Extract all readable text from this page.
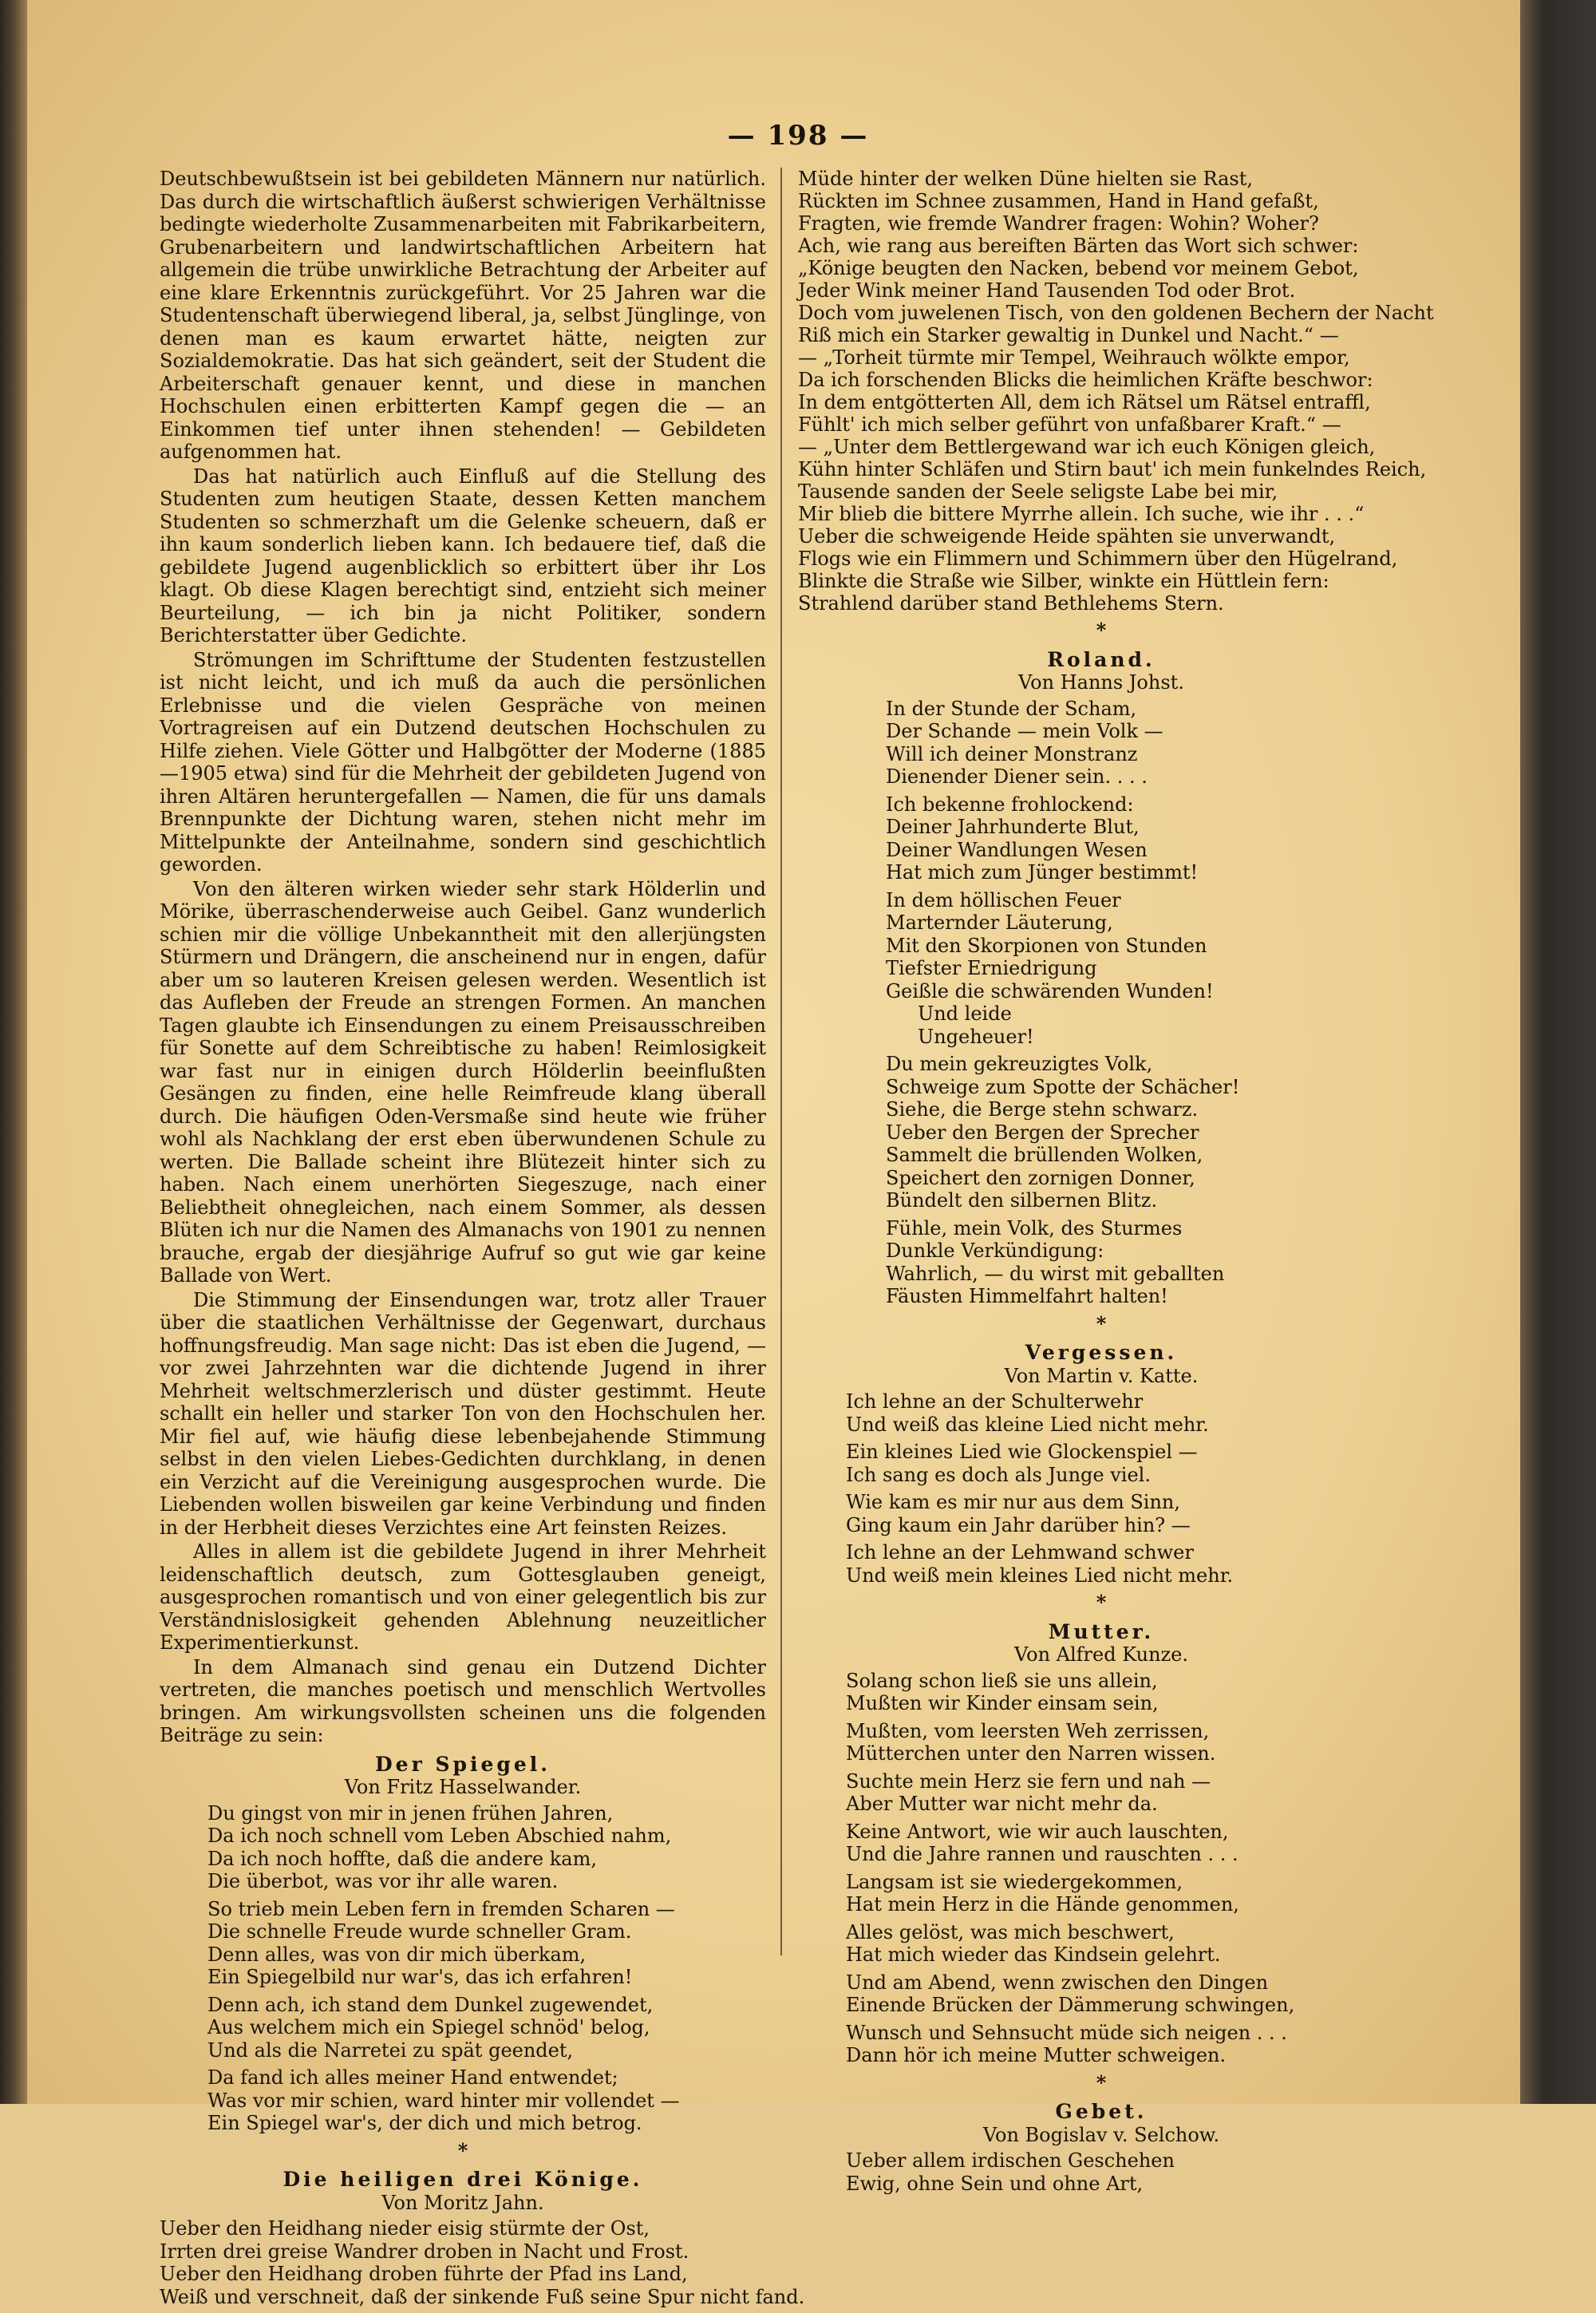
— 198 —

Deutschbewußtsein ist bei gebildeten Männern nur natürlich. Das durch die wirtschaftlich äußerst schwierigen Verhältnisse bedingte wiederholte Zusammenarbeiten mit Fabrikarbeitern, Grubenarbeitern und landwirtschaftlichen Arbeitern hat allgemein die trübe unwirkliche Betrachtung der Arbeiter auf eine klare Erkenntnis zurückgeführt. Vor 25 Jahren war die Studentenschaft überwiegend liberal, ja, selbst Jünglinge, von denen man es kaum erwartet hätte, neigten zur Sozialdemokratie. Das hat sich geändert, seit der Student die Arbeiterschaft genauer kennt, und diese in manchen Hochschulen einen erbitterten Kampf gegen die — an Einkommen tief unter ihnen stehenden! — Gebildeten aufgenommen hat.

Das hat natürlich auch Einfluß auf die Stellung des Studenten zum heutigen Staate, dessen Ketten manchem Studenten so schmerzhaft um die Gelenke scheuern, daß er ihn kaum sonderlich lieben kann. Ich bedauere tief, daß die gebildete Jugend augenblicklich so erbittert über ihr Los klagt. Ob diese Klagen berechtigt sind, entzieht sich meiner Beurteilung, — ich bin ja nicht Politiker, sondern Berichterstatter über Gedichte.

Strömungen im Schrifttume der Studenten festzustellen ist nicht leicht, und ich muß da auch die persönlichen Erlebnisse und die vielen Gespräche von meinen Vortragreisen auf ein Dutzend deutschen Hochschulen zu Hilfe ziehen. Viele Götter und Halbgötter der Moderne (1885—1905 etwa) sind für die Mehrheit der gebildeten Jugend von ihren Altären heruntergefallen — Namen, die für uns damals Brennpunkte der Dichtung waren, stehen nicht mehr im Mittelpunkte der Anteilnahme, sondern sind geschichtlich geworden.

Von den älteren wirken wieder sehr stark Hölderlin und Mörike, überraschenderweise auch Geibel. Ganz wunderlich schien mir die völlige Unbekanntheit mit den allerjüngsten Stürmern und Drängern, die anscheinend nur in engen, dafür aber um so lauteren Kreisen gelesen werden. Wesentlich ist das Aufleben der Freude an strengen Formen. An manchen Tagen glaubte ich Einsendungen zu einem Preisausschreiben für Sonette auf dem Schreibtische zu haben! Reimlosigkeit war fast nur in einigen durch Hölderlin beeinflußten Gesängen zu finden, eine helle Reimfreude klang überall durch. Die häufigen Oden-Versmaße sind heute wie früher wohl als Nachklang der erst eben überwundenen Schule zu werten. Die Ballade scheint ihre Blütezeit hinter sich zu haben. Nach einem unerhörten Siegeszuge, nach einer Beliebtheit ohnegleichen, nach einem Sommer, als dessen Blüten ich nur die Namen des Almanachs von 1901 zu nennen brauche, ergab der diesjährige Aufruf so gut wie gar keine Ballade von Wert.

Die Stimmung der Einsendungen war, trotz aller Trauer über die staatlichen Verhältnisse der Gegenwart, durchaus hoffnungsfreudig. Man sage nicht: Das ist eben die Jugend, — vor zwei Jahrzehnten war die dichtende Jugend in ihrer Mehrheit weltschmerzlerisch und düster gestimmt. Heute schallt ein heller und starker Ton von den Hochschulen her. Mir fiel auf, wie häufig diese lebenbejahende Stimmung selbst in den vielen Liebes-Gedichten durchklang, in denen ein Verzicht auf die Vereinigung ausgesprochen wurde. Die Liebenden wollen bisweilen gar keine Verbindung und finden in der Herbheit dieses Verzichtes eine Art feinsten Reizes.

Alles in allem ist die gebildete Jugend in ihrer Mehrheit leidenschaftlich deutsch, zum Gottesglauben geneigt, ausgesprochen romantisch und von einer gelegentlich bis zur Verständnislosigkeit gehenden Ablehnung neuzeitlicher Experimentierkunst.

In dem Almanach sind genau ein Dutzend Dichter vertreten, die manches poetisch und menschlich Wertvolles bringen. Am wirkungsvollsten scheinen uns die folgenden Beiträge zu sein:

Der Spiegel.

Von Fritz Hasselwander.

Du gingst von mir in jenen frühen Jahren,
Da ich noch schnell vom Leben Abschied nahm,
Da ich noch hoffte, daß die andere kam,
Die überbot, was vor ihr alle waren.
So trieb mein Leben fern in fremden Scharen —
Die schnelle Freude wurde schneller Gram.
Denn alles, was von dir mich überkam,
Ein Spiegelbild nur war's, das ich erfahren!
Denn ach, ich stand dem Dunkel zugewendet,
Aus welchem mich ein Spiegel schnöd' belog,
Und als die Narretei zu spät geendet,
Da fand ich alles meiner Hand entwendet;
Was vor mir schien, ward hinter mir vollendet —
Ein Spiegel war's, der dich und mich betrog.

*

Die heiligen drei Könige.

Von Moritz Jahn.

Ueber den Heidhang nieder eisig stürmte der Ost,
Irrten drei greise Wandrer droben in Nacht und Frost.
Ueber den Heidhang droben führte der Pfad ins Land,
Weiß und verschneit, daß der sinkende Fuß seine Spur nicht fand.
Müde hinter der welken Düne hielten sie Rast,
Rückten im Schnee zusammen, Hand in Hand gefaßt,
Fragten, wie fremde Wandrer fragen: Wohin? Woher?
Ach, wie rang aus bereiften Bärten das Wort sich schwer:
„Könige beugten den Nacken, bebend vor meinem Gebot,
Jeder Wink meiner Hand Tausenden Tod oder Brot.
Doch vom juwelenen Tisch, von den goldenen Bechern der Nacht
Riß mich ein Starker gewaltig in Dunkel und Nacht.“ —
— „Torheit türmte mir Tempel, Weihrauch wölkte empor,
Da ich forschenden Blicks die heimlichen Kräfte beschwor:
In dem entgötterten All, dem ich Rätsel um Rätsel entraffl,
Fühlt' ich mich selber geführt von unfaßbarer Kraft.“ —
— „Unter dem Bettlergewand war ich euch Königen gleich,
Kühn hinter Schläfen und Stirn baut' ich mein funkelndes Reich,
Tausende sanden der Seele seligste Labe bei mir,
Mir blieb die bittere Myrrhe allein. Ich suche, wie ihr . . .“
Ueber die schweigende Heide spähten sie unverwandt,
Flogs wie ein Flimmern und Schimmern über den Hügelrand,
Blinkte die Straße wie Silber, winkte ein Hüttlein fern:
Strahlend darüber stand Bethlehems Stern.

*

Roland.

Von Hanns Johst.

In der Stunde der Scham,
Der Schande — mein Volk —
Will ich deiner Monstranz
Dienender Diener sein. . . .
Ich bekenne frohlockend:
Deiner Jahrhunderte Blut,
Deiner Wandlungen Wesen
Hat mich zum Jünger bestimmt!
In dem höllischen Feuer
Marternder Läuterung,
Mit den Skorpionen von Stunden
Tiefster Erniedrigung
Geißle die schwärenden Wunden!
Und leide
Ungeheuer!
Du mein gekreuzigtes Volk,
Schweige zum Spotte der Schächer!
Siehe, die Berge stehn schwarz.
Ueber den Bergen der Sprecher
Sammelt die brüllenden Wolken,
Speichert den zornigen Donner,
Bündelt den silbernen Blitz.
Fühle, mein Volk, des Sturmes
Dunkle Verkündigung:
Wahrlich, — du wirst mit geballten
Fäusten Himmelfahrt halten!

*

Vergessen.

Von Martin v. Katte.

Ich lehne an der Schulterwehr
Und weiß das kleine Lied nicht mehr.
Ein kleines Lied wie Glockenspiel —
Ich sang es doch als Junge viel.
Wie kam es mir nur aus dem Sinn,
Ging kaum ein Jahr darüber hin? —
Ich lehne an der Lehmwand schwer
Und weiß mein kleines Lied nicht mehr.

*

Mutter.

Von Alfred Kunze.

Solang schon ließ sie uns allein,
Mußten wir Kinder einsam sein,
Mußten, vom leersten Weh zerrissen,
Mütterchen unter den Narren wissen.
Suchte mein Herz sie fern und nah —
Aber Mutter war nicht mehr da.
Keine Antwort, wie wir auch lauschten,
Und die Jahre rannen und rauschten . . .
Langsam ist sie wiedergekommen,
Hat mein Herz in die Hände genommen,
Alles gelöst, was mich beschwert,
Hat mich wieder das Kindsein gelehrt.
Und am Abend, wenn zwischen den Dingen
Einende Brücken der Dämmerung schwingen,
Wunsch und Sehnsucht müde sich neigen . . .
Dann hör ich meine Mutter schweigen.

*

Gebet.

Von Bogislav v. Selchow.

Ueber allem irdischen Geschehen
Ewig, ohne Sein und ohne Art,
